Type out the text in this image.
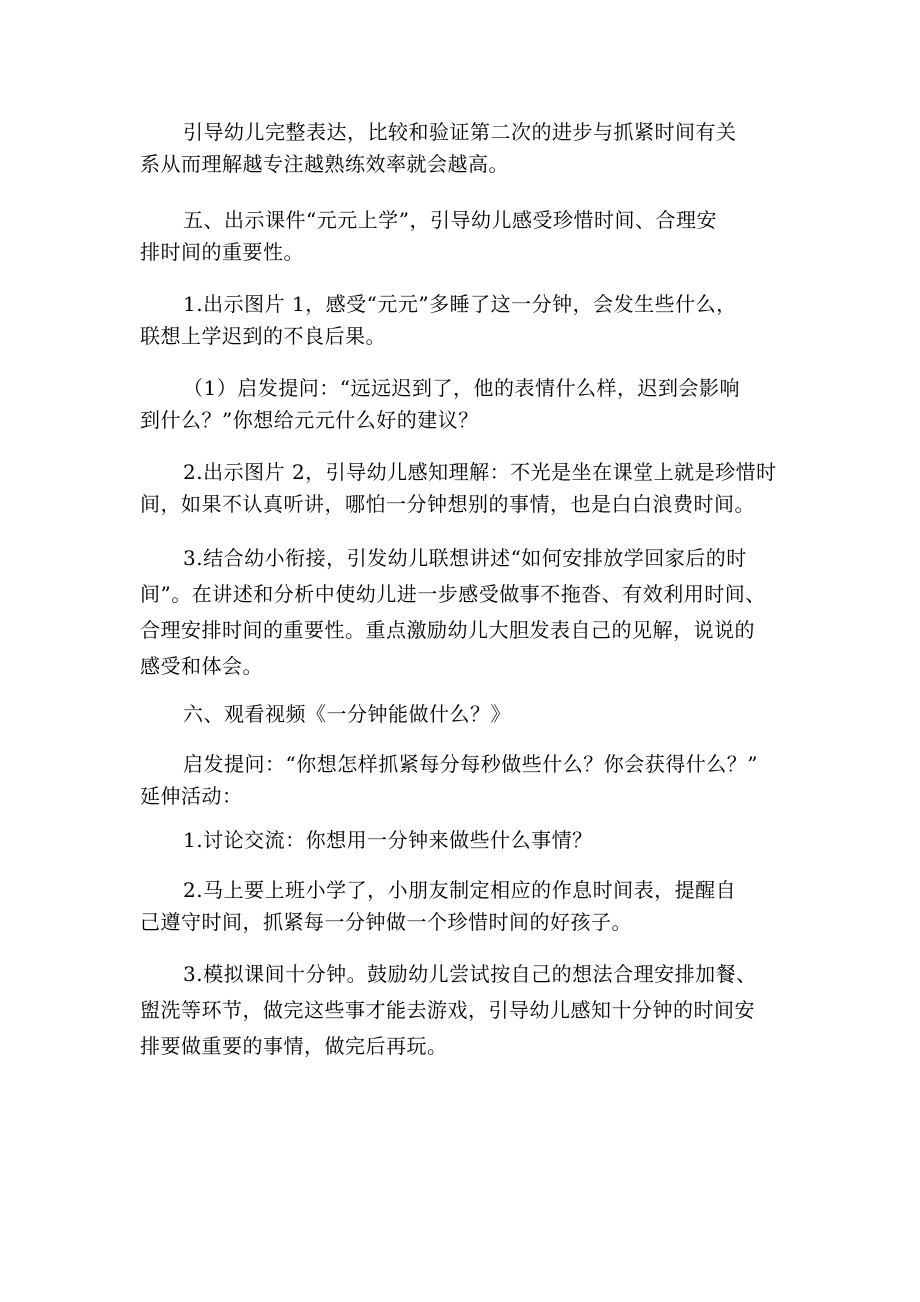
引导幼儿完整表达，比较和验证第二次的进步与抓紧时间有关
系从而理解越专注越熟练效率就会越高。
五、出示课件“元元上学”，引导幼儿感受珍惜时间、合理安
排时间的重要性。
1.出示图片 1，感受“元元”多睡了这一分钟，会发生些什么，
联想上学迟到的不良后果。
（1）启发提问：“远远迟到了，他的表情什么样，迟到会影响
到什么？”你想给元元什么好的建议？
2.出示图片 2，引导幼儿感知理解：不光是坐在课堂上就是珍惜时
间，如果不认真听讲，哪怕一分钟想别的事情，也是白白浪费时间。
3.结合幼小衔接，引发幼儿联想讲述“如何安排放学回家后的时
间”。在讲述和分析中使幼儿进一步感受做事不拖沓、有效利用时间、
合理安排时间的重要性。重点激励幼儿大胆发表自己的见解，说说的
感受和体会。
六、观看视频《一分钟能做什么？》
启发提问：“你想怎样抓紧每分每秒做些什么？你会获得什么？”
延伸活动：
1.讨论交流：你想用一分钟来做些什么事情？
2.马上要上班小学了，小朋友制定相应的作息时间表，提醒自
己遵守时间，抓紧每一分钟做一个珍惜时间的好孩子。
3.模拟课间十分钟。鼓励幼儿尝试按自己的想法合理安排加餐、
盥洗等环节，做完这些事才能去游戏，引导幼儿感知十分钟的时间安
排要做重要的事情，做完后再玩。
